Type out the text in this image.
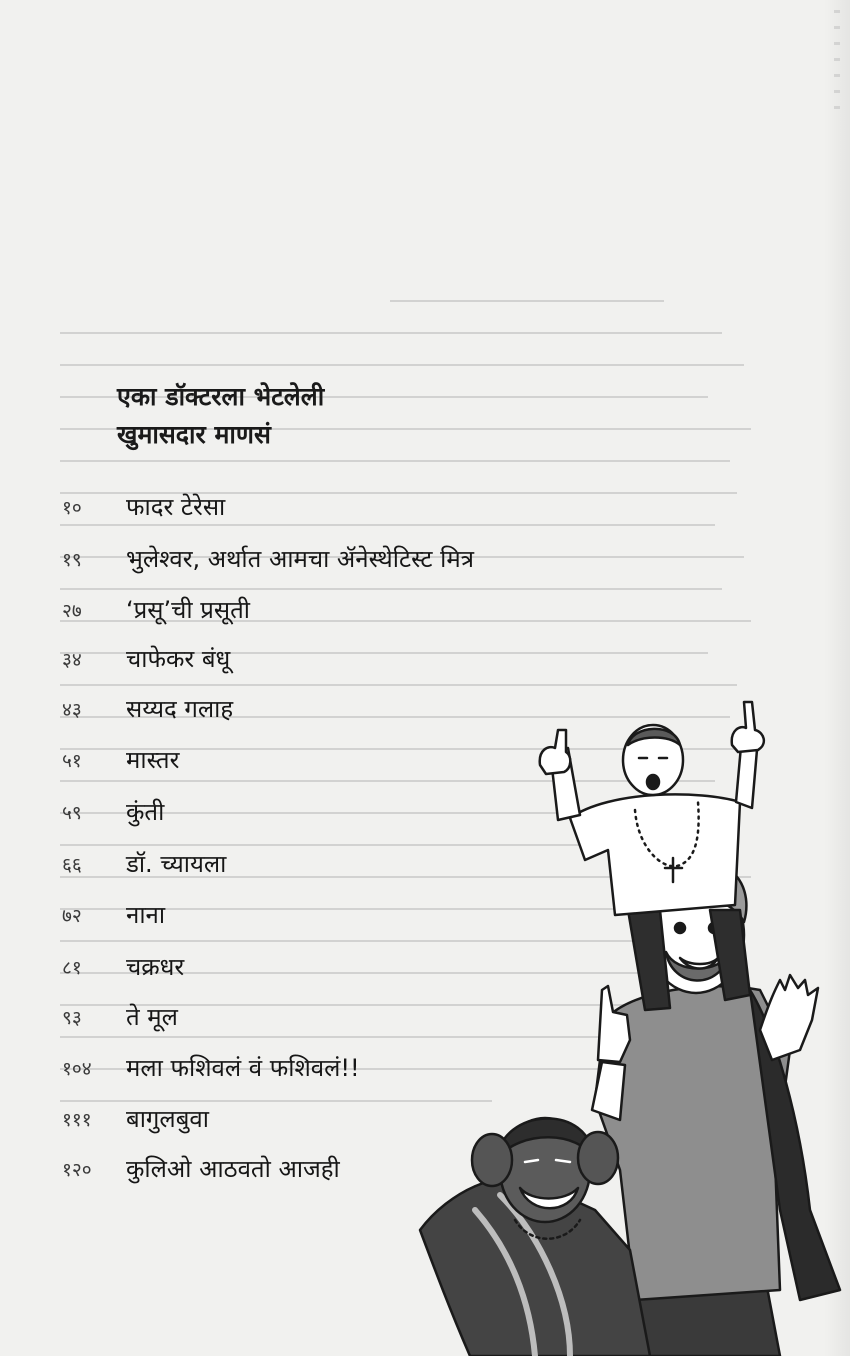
एका डॉक्टरला भेटलेली
खुमासदार माणसं
१०	फादर टेरेसा
१९	भुलेश्वर, अर्थात आमचा ॲनेस्थेटिस्ट मित्र
२७	‘प्रसू’ची प्रसूती
३४	चाफेकर बंधू
४३	सय्यद गलाह
५१	मास्तर
५९	कुंती
६६	डॉ. च्यायला
७२	नाना
८१	चक्रधर
९३	ते मूल
१०४	मला फशिवलं वं फशिवलं!!
१११	बागुलबुवा
१२०	कुलिओ आठवतो आजही
